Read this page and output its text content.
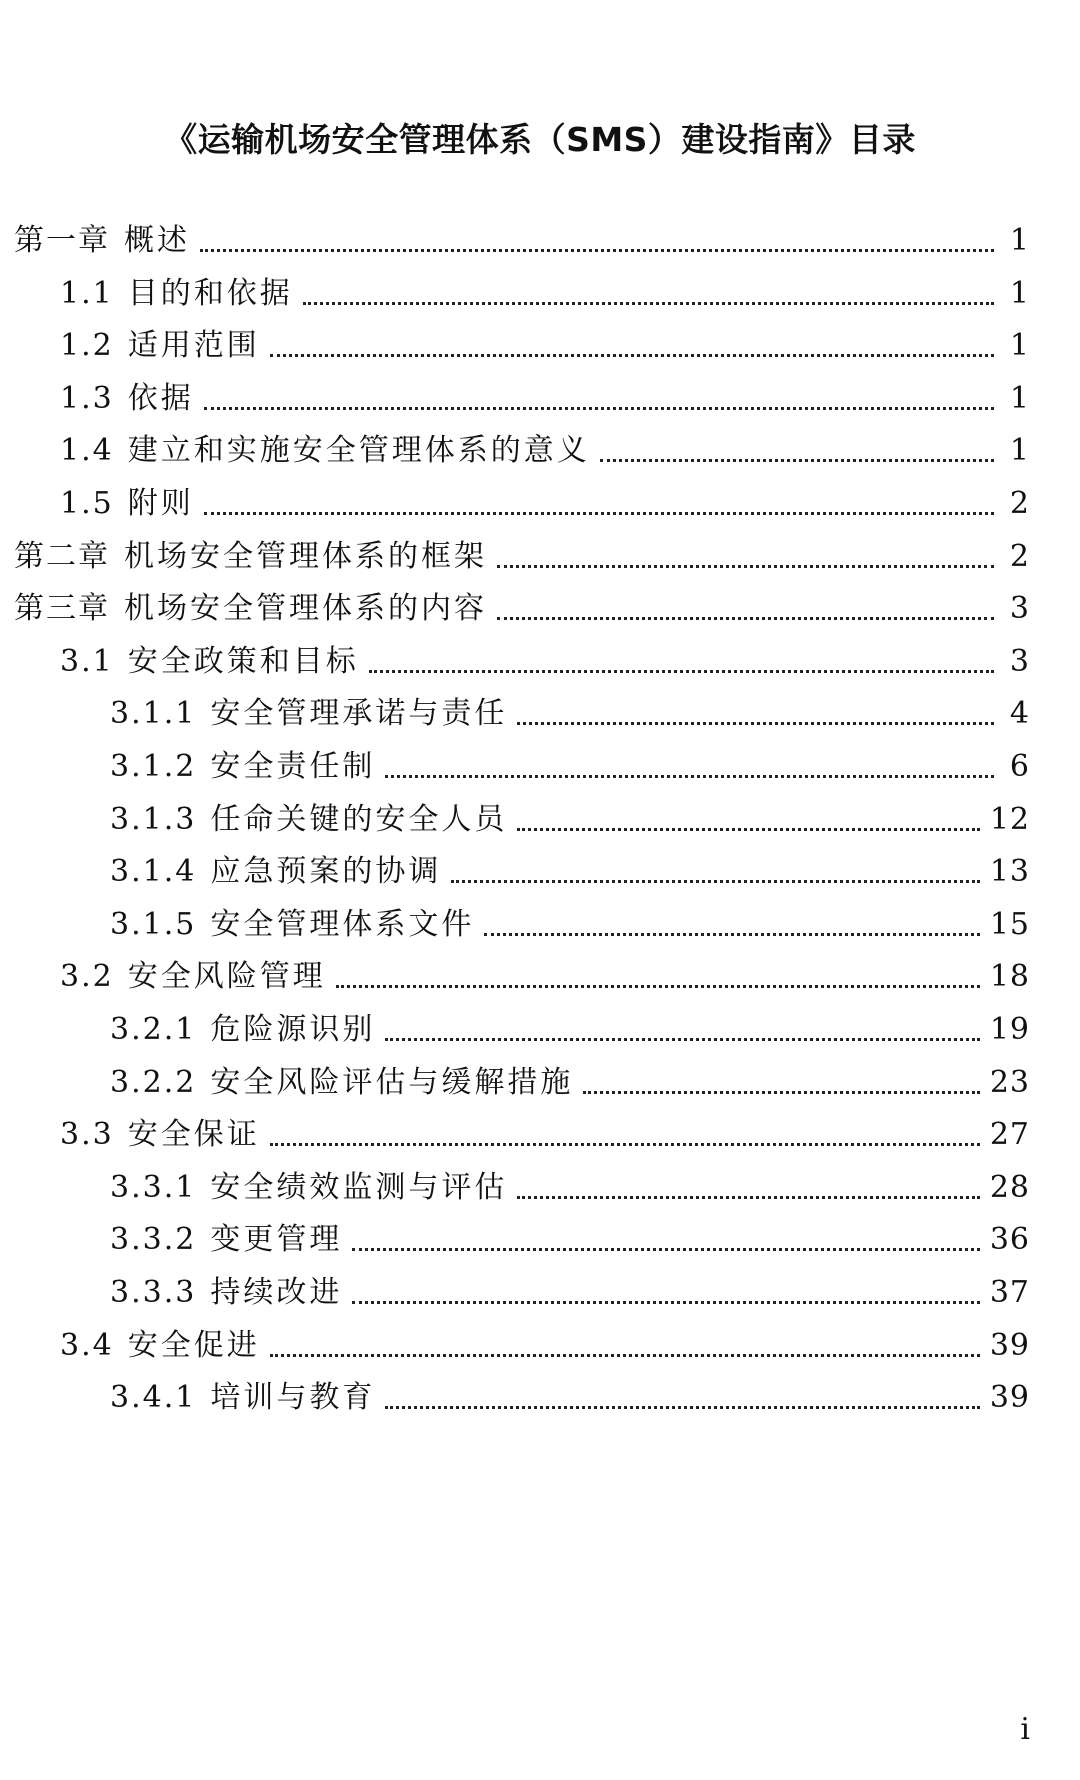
《运输机场安全管理体系（SMS）建设指南》目录
第一章 概述	1
1.1 目的和依据	1
1.2 适用范围	1
1.3 依据	1
1.4 建立和实施安全管理体系的意义	1
1.5 附则	2
第二章 机场安全管理体系的框架	2
第三章 机场安全管理体系的内容	3
3.1 安全政策和目标	3
3.1.1 安全管理承诺与责任	4
3.1.2 安全责任制	6
3.1.3 任命关键的安全人员	12
3.1.4 应急预案的协调	13
3.1.5 安全管理体系文件	15
3.2 安全风险管理	18
3.2.1 危险源识别	19
3.2.2 安全风险评估与缓解措施	23
3.3 安全保证	27
3.3.1 安全绩效监测与评估	28
3.3.2 变更管理	36
3.3.3 持续改进	37
3.4 安全促进	39
3.4.1 培训与教育	39
i
